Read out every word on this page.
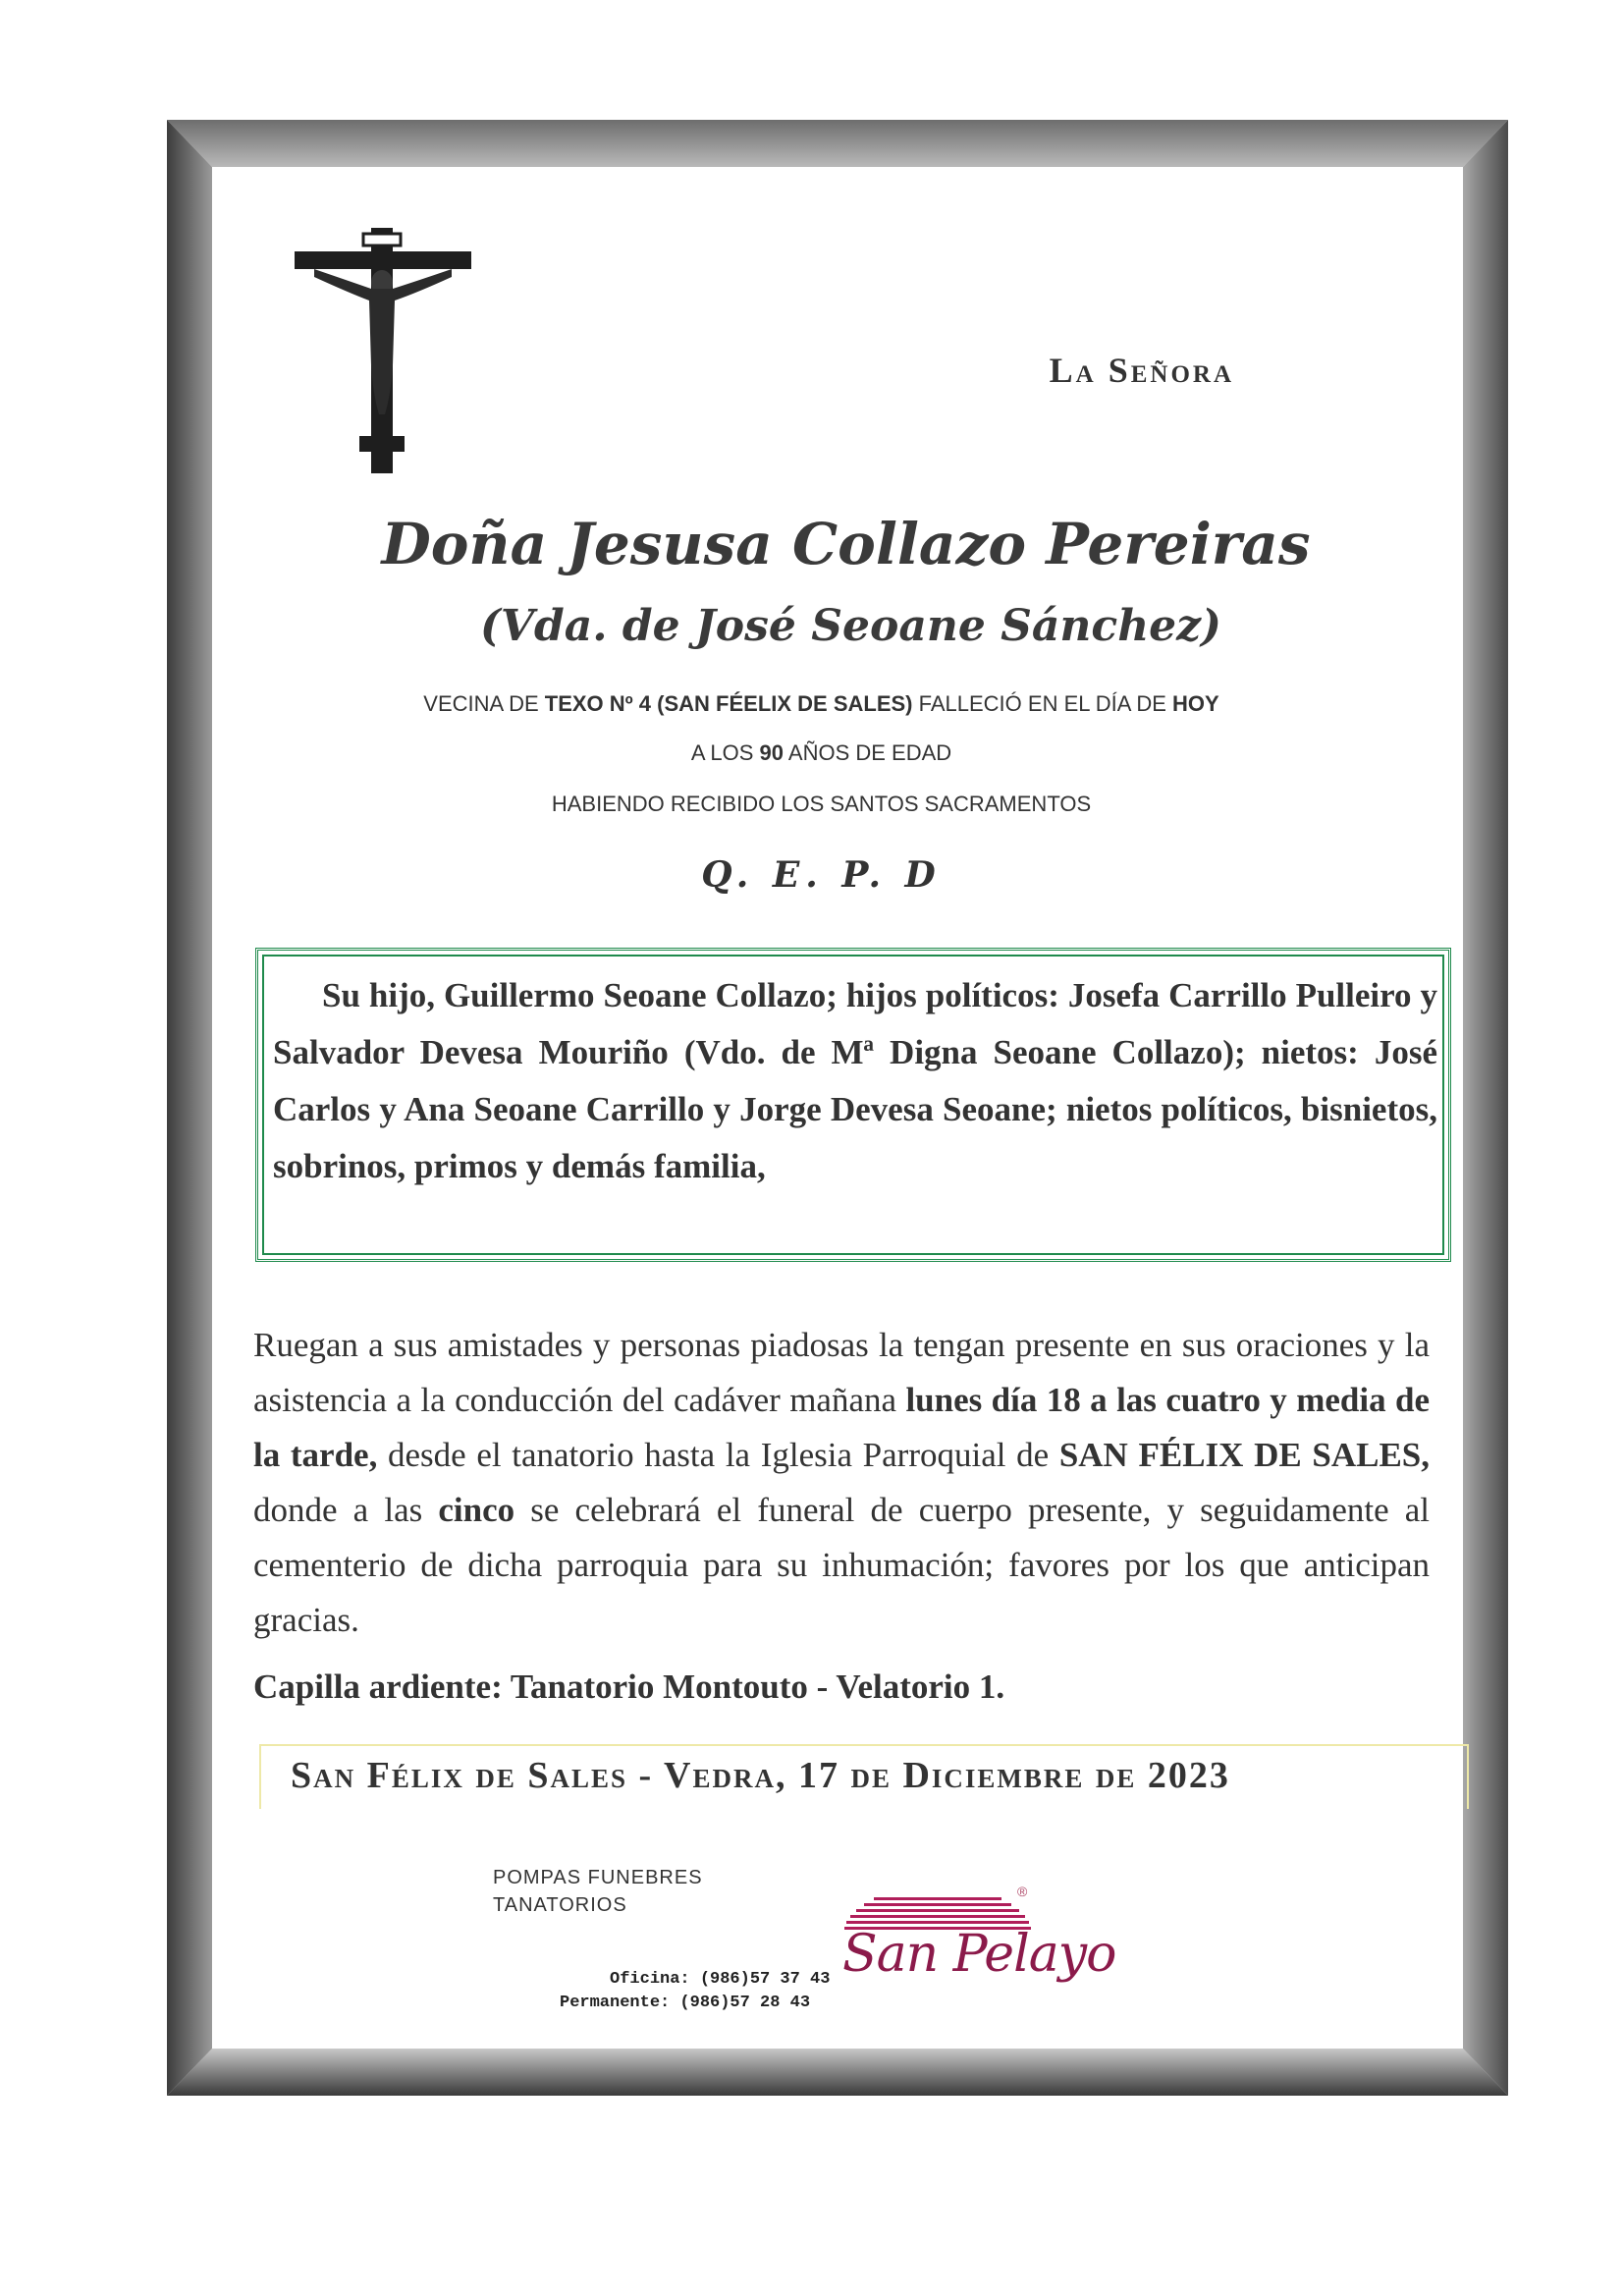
La Señora
Doña Jesusa Collazo Pereiras
(Vda. de José Seoane Sánchez)
VECINA DE TEXO Nº 4 (SAN FÉELIX DE SALES) FALLECIÓ EN EL DÍA DE HOY
A LOS 90 AÑOS DE EDAD
HABIENDO RECIBIDO LOS SANTOS SACRAMENTOS
Q. E. P. D
Su hijo, Guillermo Seoane Collazo; hijos políticos: Josefa Carrillo Pulleiro y Salvador Devesa Mouriño (Vdo. de Mª Digna Seoane Collazo); nietos: José Carlos y Ana Seoane Carrillo y Jorge Devesa Seoane; nietos políticos, bisnietos, sobrinos, primos y demás familia,
Ruegan a sus amistades y personas piadosas la tengan presente en sus oraciones y la asistencia a la conducción del cadáver mañana lunes día 18 a las cuatro y media de la tarde, desde el tanatorio hasta la Iglesia Parroquial de SAN FÉLIX DE SALES, donde a las cinco se celebrará el funeral de cuerpo presente, y seguidamente al cementerio de dicha parroquia para su inhumación; favores por los que anticipan gracias.
Capilla ardiente: Tanatorio Montouto - Velatorio 1.
San Félix de Sales - Vedra, 17 de Diciembre de 2023
POMPAS FUNEBRES
TANATORIOS
Oficina: (986)57 37 43
Permanente: (986)57 28 43
San Pelayo
®
